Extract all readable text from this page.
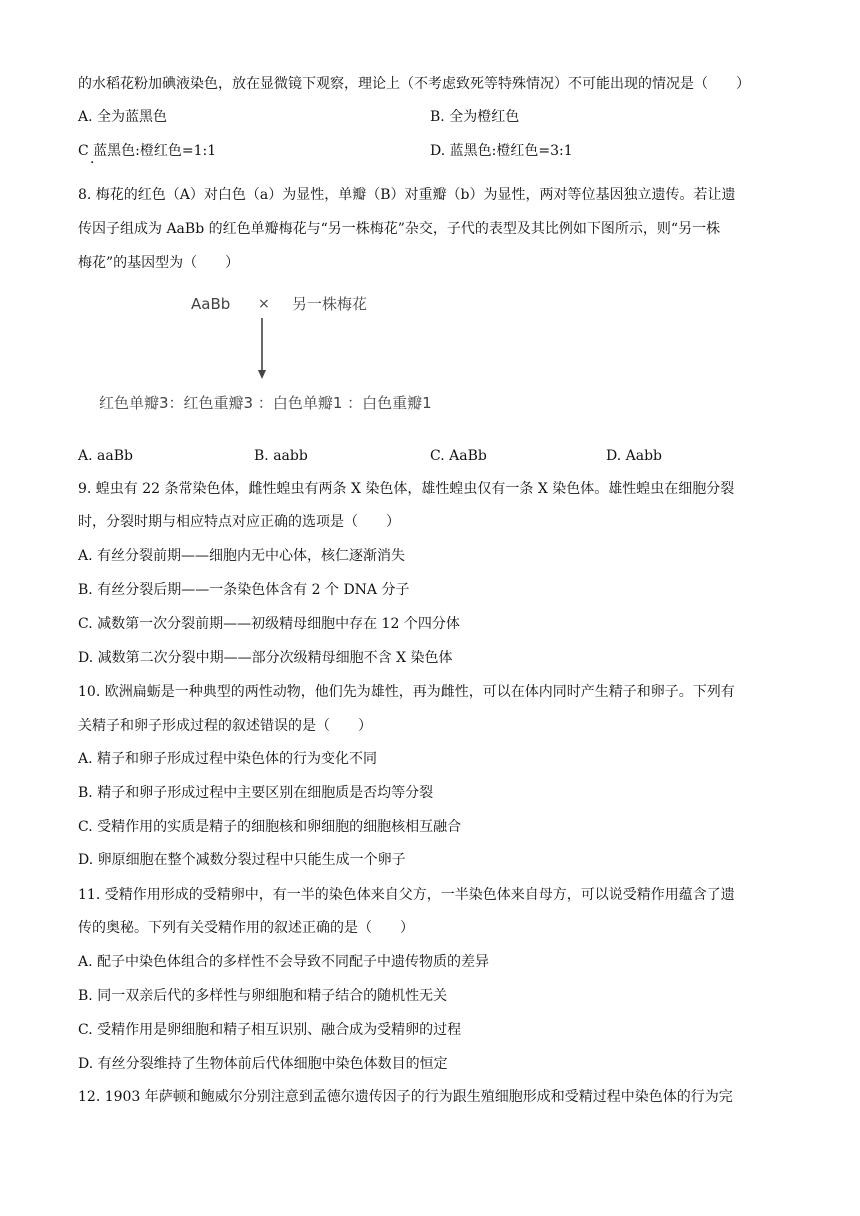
的水稻花粉加碘液染色，放在显微镜下观察，理论上（不考虑致死等特殊情况）不可能出现的情况是（　　）
A. 全为蓝黑色	B. 全为橙红色
C 蓝黑色:橙红色=1:1
·
D. 蓝黑色:橙红色=3:1
8. 梅花的红色（A）对白色（a）为显性，单瓣（B）对重瓣（b）为显性，两对等位基因独立遗传。若让遗
传因子组成为 AaBb 的红色单瓣梅花与“另一株梅花”杂交，子代的表型及其比例如下图所示，则“另一株
梅花”的基因型为（　　）
AaBb × 另一株梅花
红色单瓣3：红色重瓣3 ：白色单瓣1 ：白色重瓣1
A. aaBb	B. aabb	C. AaBb	D. Aabb
9. 蝗虫有 22 条常染色体，雌性蝗虫有两条 X 染色体，雄性蝗虫仅有一条 X 染色体。雄性蝗虫在细胞分裂
时，分裂时期与相应特点对应正确的选项是（　　）
A. 有丝分裂前期——细胞内无中心体，核仁逐渐消失
B. 有丝分裂后期——一条染色体含有 2 个 DNA 分子
C. 减数第一次分裂前期——初级精母细胞中存在 12 个四分体
D. 减数第二次分裂中期——部分次级精母细胞不含 X 染色体
10. 欧洲扁蛎是一种典型的两性动物，他们先为雄性，再为雌性，可以在体内同时产生精子和卵子。下列有
关精子和卵子形成过程的叙述错误的是（　　）
A. 精子和卵子形成过程中染色体的行为变化不同
B. 精子和卵子形成过程中主要区别在细胞质是否均等分裂
C. 受精作用的实质是精子的细胞核和卵细胞的细胞核相互融合
D. 卵原细胞在整个减数分裂过程中只能生成一个卵子
11. 受精作用形成的受精卵中，有一半的染色体来自父方，一半染色体来自母方，可以说受精作用蕴含了遗
传的奥秘。下列有关受精作用的叙述正确的是（　　）
A. 配子中染色体组合的多样性不会导致不同配子中遗传物质的差异
B. 同一双亲后代的多样性与卵细胞和精子结合的随机性无关
C. 受精作用是卵细胞和精子相互识别、融合成为受精卵的过程
D. 有丝分裂维持了生物体前后代体细胞中染色体数目的恒定
12. 1903 年萨顿和鲍威尔分别注意到孟德尔遗传因子的行为跟生殖细胞形成和受精过程中染色体的行为完
